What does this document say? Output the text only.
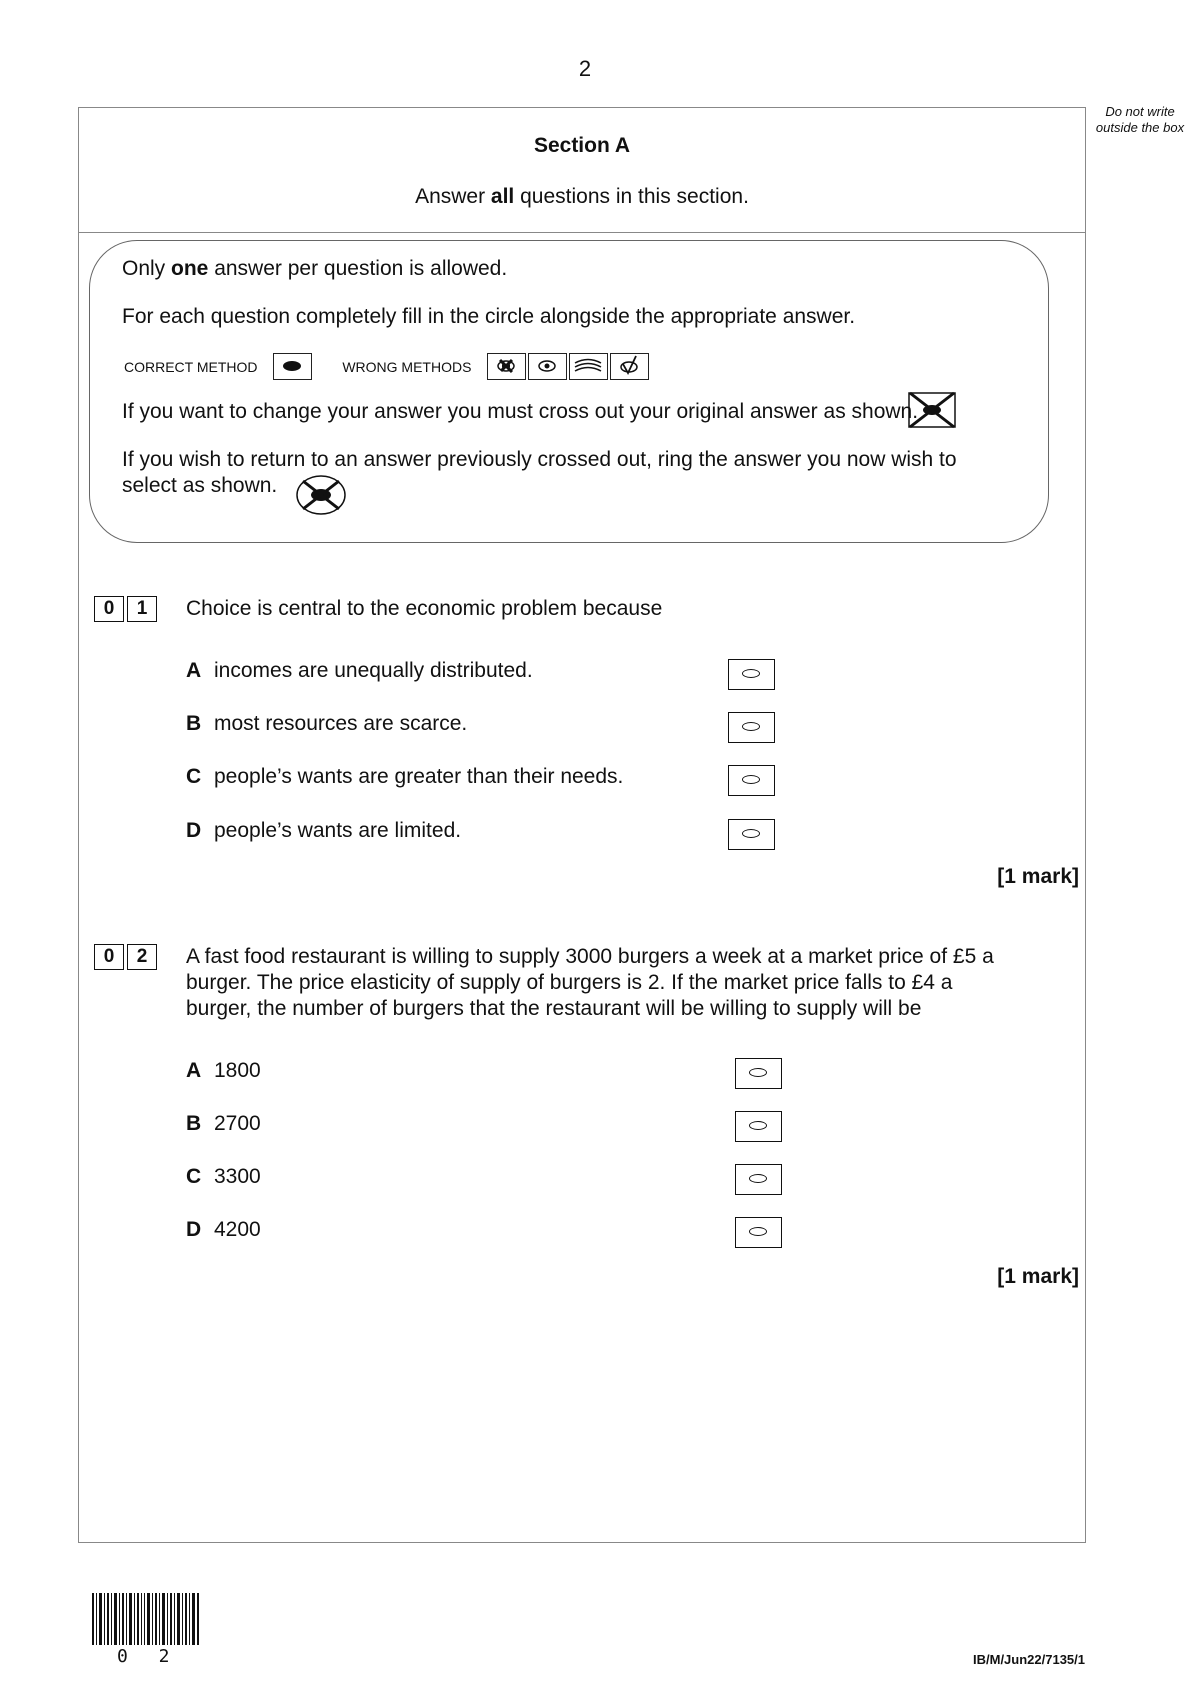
2
Do not write outside the box
Section A
Answer all questions in this section.
Only one answer per question is allowed.
For each question completely fill in the circle alongside the appropriate answer.
CORRECT METHOD	WRONG METHODS

If you want to change your answer you must cross out your original answer as shown.
If you wish to return to an answer previously crossed out, ring the answer you now wish to
select as shown.
0	1	Choice is central to the economic problem because
A incomes are unequally distributed.
B most resources are scarce.
C people’s wants are greater than their needs.
D people’s wants are limited.
[1 mark]
0	2	A fast food restaurant is willing to supply 3000 burgers a week at a market price of £5 a
burger. The price elasticity of supply of burgers is 2. If the market price falls to £4 a
burger, the number of burgers that the restaurant will be willing to supply will be
A 1800
B 2700
C 3300
D 4200
[1 mark]
0 2	IB/M/Jun22/7135/1
